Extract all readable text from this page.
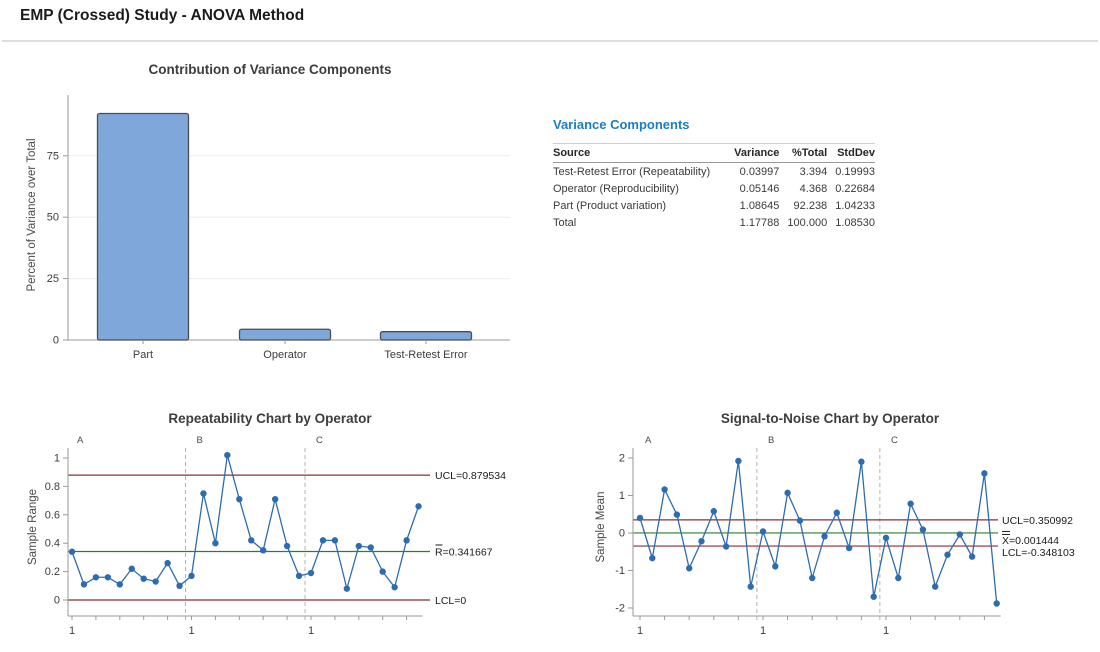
EMP (Crossed) Study - ANOVA Method
Contribution of Variance Components
Percent of Variance over Total
0
25
50
75
Part	Operator	Test-Retest Error
Variance Components
Source	Variance	%Total	StdDev
Test-Retest Error (Repeatability)	0.03997	3.394	0.19993
Operator (Reproducibility)	0.05146	4.368	0.22684
Part (Product variation)	1.08645	92.238	1.04233
Total	1.17788	100.000	1.08530
Repeatability Chart by Operator
Sample Range
0
0.2
0.4
0.6
0.8
1
A
1
B
1
C
1
UCL=0.879534
R=0.341667
LCL=0
Signal-to-Noise Chart by Operator
Sample Mean
-2
-1
0
1
2
A
1
B
1
C
1
UCL=0.350992
X=0.001444
LCL=-0.348103
